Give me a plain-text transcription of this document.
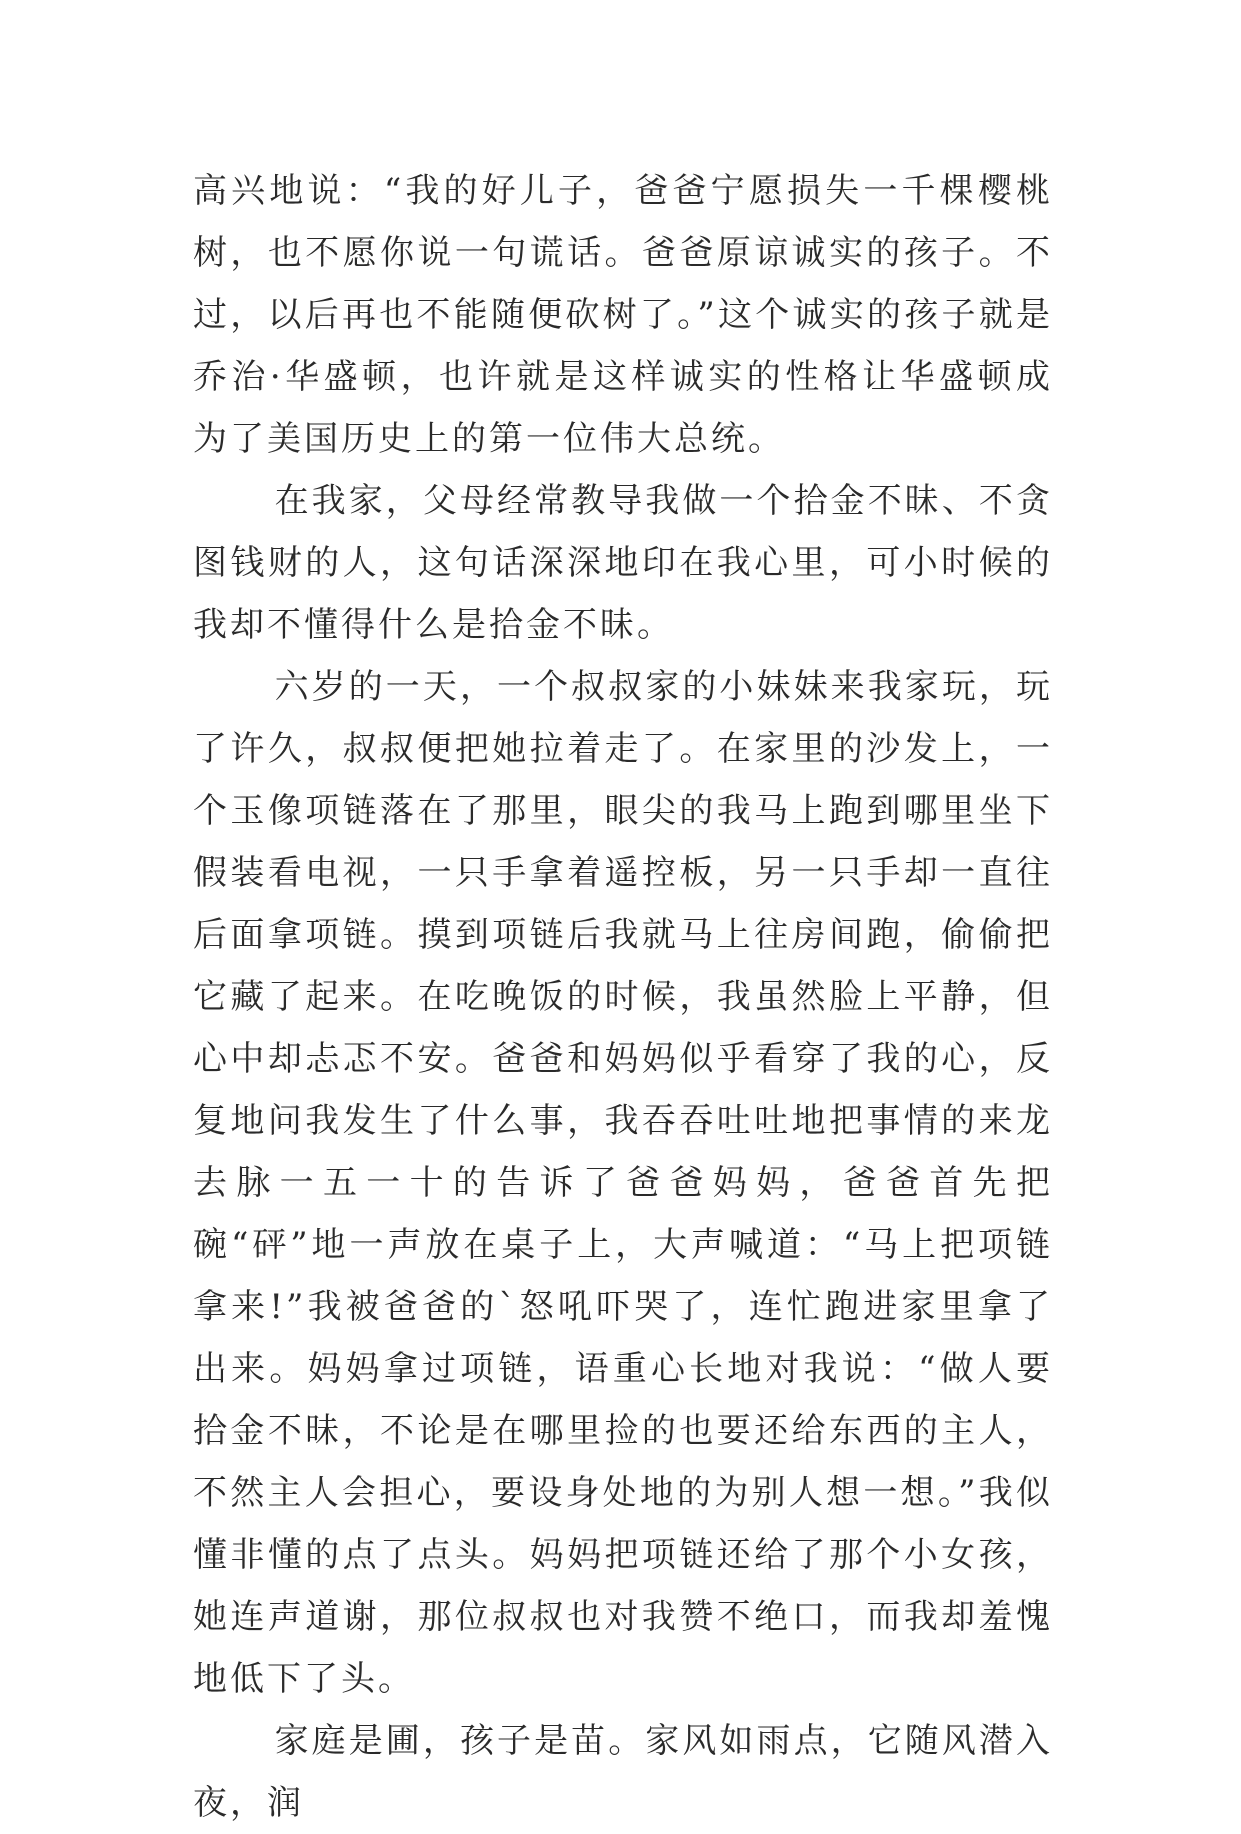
高兴地说：“我的好儿子，爸爸宁愿损失一千棵樱桃树，也不愿你说一句谎话。爸爸原谅诚实的孩子。不过，以后再也不能随便砍树了。”这个诚实的孩子就是乔治·华盛顿，也许就是这样诚实的性格让华盛顿成为了美国历史上的第一位伟大总统。

在我家，父母经常教导我做一个拾金不昧、不贪图钱财的人，这句话深深地印在我心里，可小时候的我却不懂得什么是拾金不昧。

六岁的一天，一个叔叔家的小妹妹来我家玩，玩了许久，叔叔便把她拉着走了。在家里的沙发上，一个玉像项链落在了那里，眼尖的我马上跑到哪里坐下假装看电视，一只手拿着遥控板，另一只手却一直往后面拿项链。摸到项链后我就马上往房间跑，偷偷把它藏了起来。在吃晚饭的时候，我虽然脸上平静，但心中却忐忑不安。爸爸和妈妈似乎看穿了我的心，反复地问我发生了什么事，我吞吞吐吐地把事情的来龙去脉一五一十的告诉了爸爸妈妈，爸爸首先把碗“砰”地一声放在桌子上，大声喊道：“马上把项链拿来!”我被爸爸的`怒吼吓哭了，连忙跑进家里拿了出来。妈妈拿过项链，语重心长地对我说：“做人要拾金不昧，不论是在哪里捡的也要还给东西的主人，不然主人会担心，要设身处地的为别人想一想。”我似懂非懂的点了点头。妈妈把项链还给了那个小女孩，她连声道谢，那位叔叔也对我赞不绝口，而我却羞愧地低下了头。

家庭是圃，孩子是苗。家风如雨点，它随风潜入夜，润
